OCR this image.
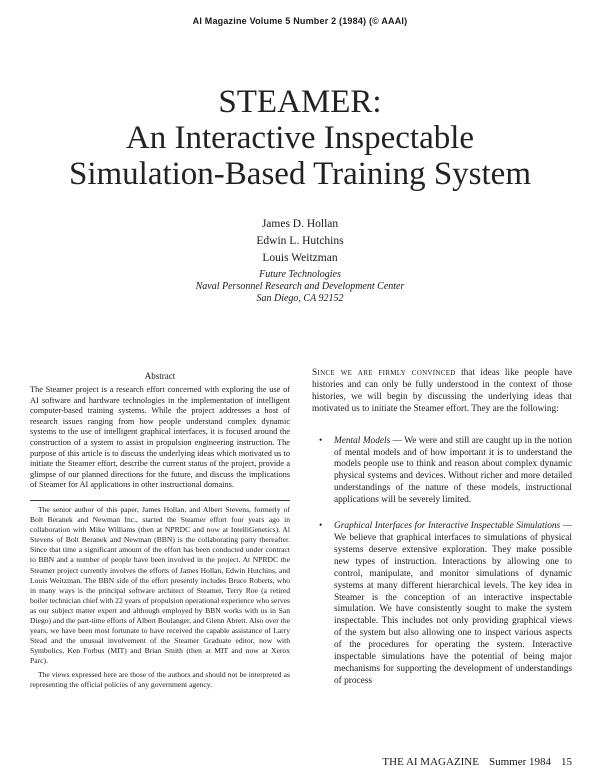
AI Magazine Volume 5 Number 2 (1984) (© AAAI)
STEAMER:
An Interactive Inspectable
Simulation-Based Training System
James D. Hollan
Edwin L. Hutchins
Louis Weitzman
Future Technologies
Naval Personnel Research and Development Center
San Diego, CA 92152
Abstract
The Steamer project is a research effort concerned with exploring the use of AI software and hardware technologies in the implementation of intelligent computer-based training systems. While the project addresses a host of research issues ranging from how people understand complex dynamic systems to the use of intelligent graphical interfaces, it is focused around the construction of a system to assist in propulsion engineering instruction. The purpose of this article is to discuss the underlying ideas which motivated us to initiate the Steamer effort, describe the current status of the project, provide a glimpse of our planned directions for the future, and discuss the implications of Steamer for AI applications in other instructional domains.

The senior author of this paper, James Hollan, and Albert Stevens, formerly of Bolt Beranek and Newman Inc., started the Steamer effort four years ago in collaboration with Mike Williams (then at NPRDC and now at IntelliGenetics). Al Stevens of Bolt Beranek and Newman (BBN) is the collaborating party thereafter. Since that time a significant amount of the effort has been conducted under contract to BBN and a number of people have been involved in the project. At NPRDC the Steamer project currently involves the efforts of James Hollan, Edwin Hutchins, and Louis Weitzman. The BBN side of the effort presently includes Bruce Roberts, who in many ways is the principal software architect of Steamer, Terry Roe (a retired boiler technician chief with 22 years of propulsion operational experience who serves as our subject matter expert and although employed by BBN works with us in San Diego) and the part-time efforts of Albert Boulanger, and Glenn Abrett. Also over the years, we have been most fortunate to have received the capable assistance of Larry Stead and the unusual involvement of the Steamer Graduate editor, now with Symbolics, Ken Forbus (MIT) and Brian Smith (then at MIT and now at Xerox Parc).

The views expressed here are those of the authors and should not be interpreted as representing the official policies of any government agency.

Since we are firmly convinced that ideas like people have histories and can only be fully understood in the context of those histories, we will begin by discussing the underlying ideas that motivated us to initiate the Steamer effort. They are the following:

• Mental Models — We were and still are caught up in the notion of mental models and of how important it is to understand the models people use to think and reason about complex dynamic physical systems and devices. Without richer and more detailed understandings of the nature of these models, instructional applications will be severely limited.
• Graphical Interfaces for Interactive Inspectable Simulations — We believe that graphical interfaces to simulations of physical systems deserve extensive exploration. They make possible new types of instruction. Interactions by allowing one to control, manipulate, and monitor simulations of dynamic systems at many different hierarchical levels. The key idea in Steamer is the conception of an interactive inspectable simulation. We have consistently sought to make the system inspectable. This includes not only providing graphical views of the system but also allowing one to inspect various aspects of the procedures for operating the system. Interactive inspectable simulations have the potential of being major mechanisms for supporting the development of understandings of process
THE AI MAGAZINE Summer 1984 15
